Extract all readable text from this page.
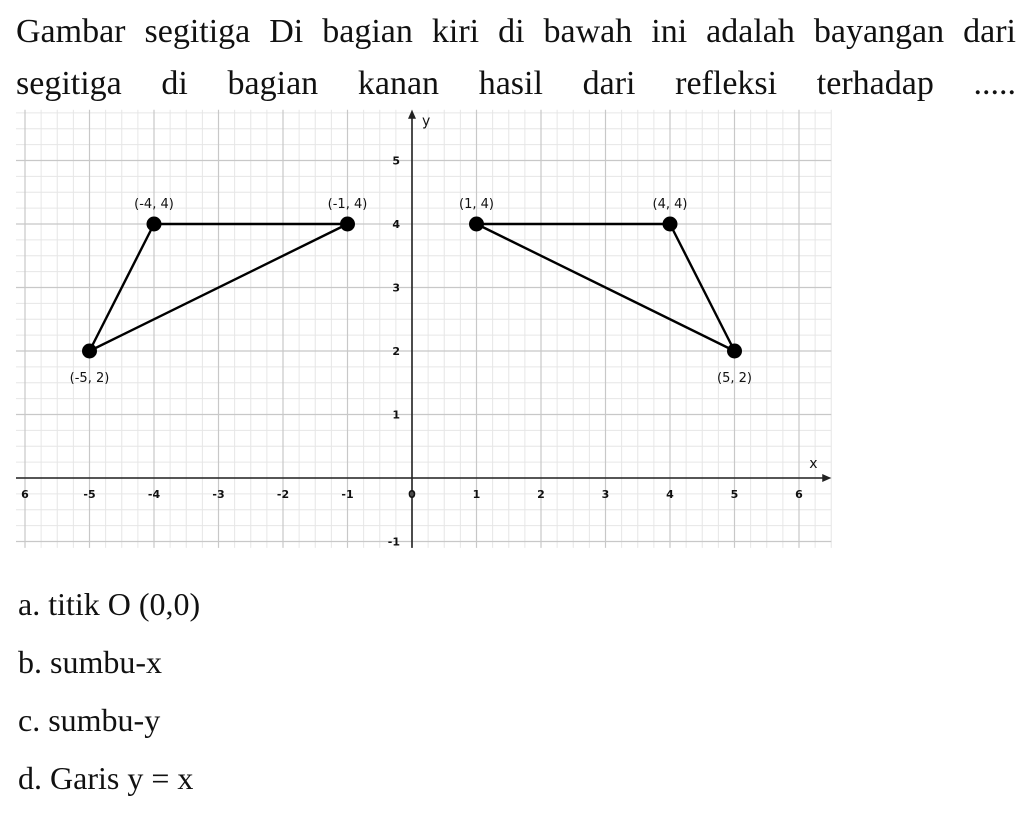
Gambar segitiga Di bagian kiri di bawah ini adalah bayangan dari
segitiga di bagian kanan hasil dari refleksi terhadap .....

x
y
6	-5	-4	-3	-2	-1	0	1	2	3	4	5	6
5
4
3
2
1
-1
(-4, 4)	(-1, 4)
(-5, 2)
(1, 4)	(4, 4)
(5, 2)
a. titik O (0,0)
b. sumbu-x
c. sumbu-y
d. Garis y = x
